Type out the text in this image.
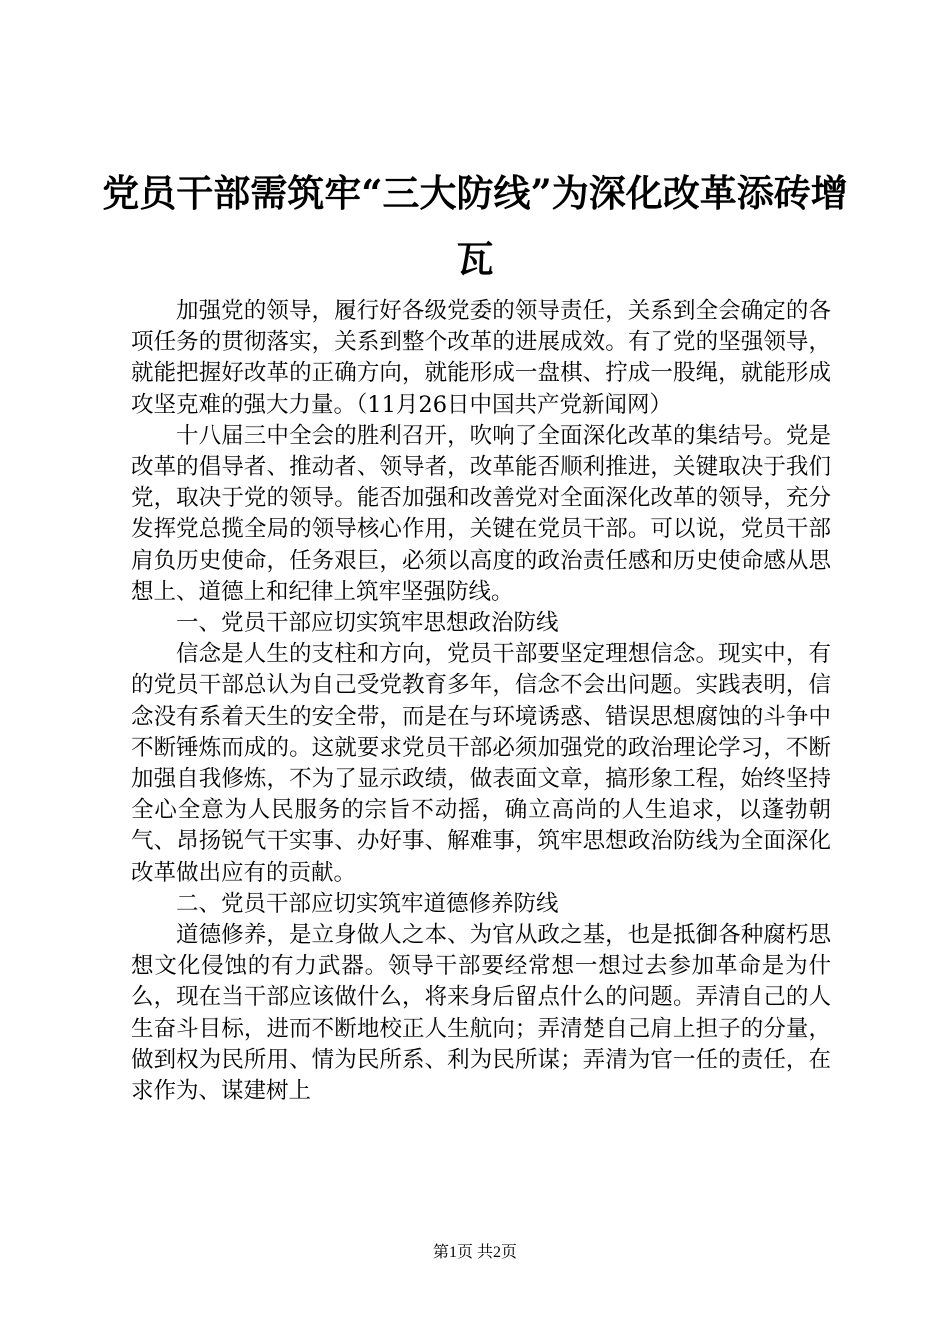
党员干部需筑牢“三大防线”为深化改革添砖增瓦

加强党的领导，履行好各级党委的领导责任，关系到全会确定的各项任务的贯彻落实，关系到整个改革的进展成效。有了党的坚强领导，就能把握好改革的正确方向，就能形成一盘棋、拧成一股绳，就能形成攻坚克难的强大力量。（11月26日中国共产党新闻网）

十八届三中全会的胜利召开，吹响了全面深化改革的集结号。党是改革的倡导者、推动者、领导者，改革能否顺利推进，关键取决于我们党，取决于党的领导。能否加强和改善党对全面深化改革的领导，充分发挥党总揽全局的领导核心作用，关键在党员干部。可以说，党员干部肩负历史使命，任务艰巨，必须以高度的政治责任感和历史使命感从思想上、道德上和纪律上筑牢坚强防线。

一、党员干部应切实筑牢思想政治防线

信念是人生的支柱和方向，党员干部要坚定理想信念。现实中，有的党员干部总认为自己受党教育多年，信念不会出问题。实践表明，信念没有系着天生的安全带，而是在与环境诱惑、错误思想腐蚀的斗争中不断锤炼而成的。这就要求党员干部必须加强党的政治理论学习，不断加强自我修炼，不为了显示政绩，做表面文章，搞形象工程，始终坚持全心全意为人民服务的宗旨不动摇，确立高尚的人生追求，以蓬勃朝气、昂扬锐气干实事、办好事、解难事，筑牢思想政治防线为全面深化改革做出应有的贡献。

二、党员干部应切实筑牢道德修养防线

道德修养，是立身做人之本、为官从政之基，也是抵御各种腐朽思想文化侵蚀的有力武器。领导干部要经常想一想过去参加革命是为什么，现在当干部应该做什么，将来身后留点什么的问题。弄清自己的人生奋斗目标，进而不断地校正人生航向；弄清楚自己肩上担子的分量，做到权为民所用、情为民所系、利为民所谋；弄清为官一任的责任，在求作为、谋建树上

第1页 共2页
